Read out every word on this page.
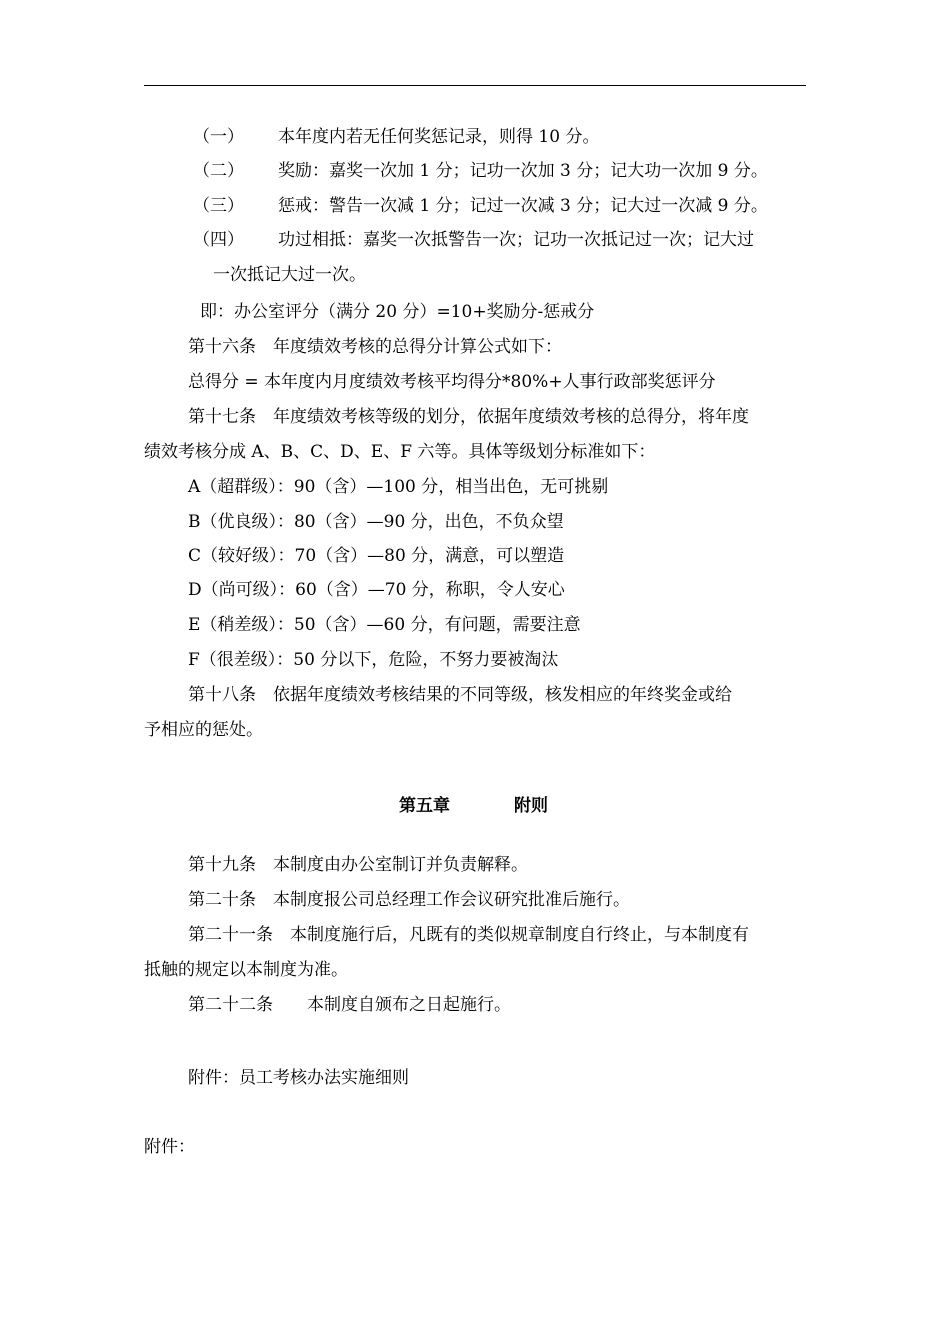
（一） 本年度内若无任何奖惩记录，则得 10 分。
（二） 奖励：嘉奖一次加 1 分；记功一次加 3 分；记大功一次加 9 分。
（三） 惩戒：警告一次减 1 分；记过一次减 3 分；记大过一次减 9 分。
（四） 功过相抵：嘉奖一次抵警告一次；记功一次抵记过一次；记大过
一次抵记大过一次。
即：办公室评分（满分 20 分）=10+奖励分-惩戒分
第十六条　年度绩效考核的总得分计算公式如下：
总得分 = 本年度内月度绩效考核平均得分*80%+人事行政部奖惩评分
第十七条　年度绩效考核等级的划分，依据年度绩效考核的总得分，将年度
绩效考核分成 A、B、C、D、E、F 六等。具体等级划分标准如下：
A（超群级）：90（含）—100 分，相当出色，无可挑剔
B（优良级）：80（含）—90 分，出色，不负众望
C（较好级）：70（含）—80 分，满意，可以塑造
D（尚可级）：60（含）—70 分，称职，令人安心
E（稍差级）：50（含）—60 分，有问题，需要注意
F（很差级）：50 分以下，危险，不努力要被淘汰
第十八条　依据年度绩效考核结果的不同等级，核发相应的年终奖金或给
予相应的惩处。
第五章	附则
第十九条　本制度由办公室制订并负责解释。
第二十条　本制度报公司总经理工作会议研究批准后施行。
第二十一条　本制度施行后，凡既有的类似规章制度自行终止，与本制度有
抵触的规定以本制度为准。
第二十二条　　本制度自颁布之日起施行。
附件：员工考核办法实施细则
附件：
